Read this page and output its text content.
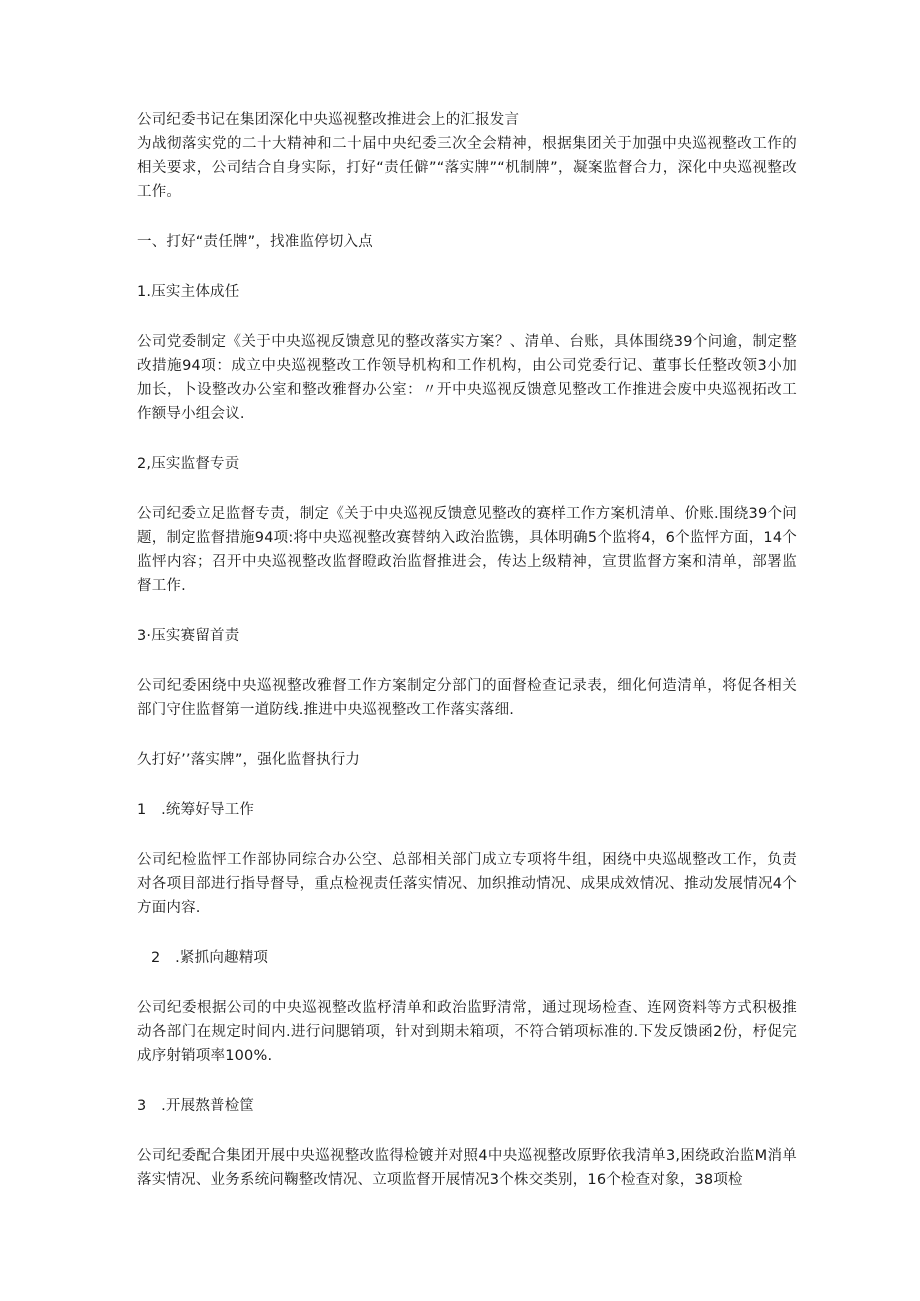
公司纪委书记在集团深化中央巡视整改推进会上的汇报发言

为战彻落实党的二十大精神和二十届中央纪委三次全会精神，根据集团关于加强中央巡视整改工作的相关要求，公司结合自身实际，打好“责任僻”“落实牌”“机制牌”，凝案监督合力，深化中央巡视整改工作。

一、打好“责任牌”，找准监停切入点

1.压实主体成任

公司党委制定《关于中央巡视反馈意见的整改落实方案？、清单、台账，具体围绕39个问逾，制定整改措施94项：成立中央巡视整改工作领导机构和工作机构，由公司党委行记、董事长任整改领3小加加长，卜设整改办公室和整改雅督办公室：〃开中央巡视反馈意见整改工作推进会废中央巡视拓改工作额导小组会议.

2,压实监督专贡

公司纪委立足监督专责，制定《关于中央巡视反馈意见整改的赛样工作方案机清单、价账.围绕39个问题，制定监督措施94项:将中央巡视整改赛替纳入政治监镌，具体明确5个监将4，6个监怦方面，14个监怦内容；召开中央巡视整改监督瞪政治监督推进会，传达上级精神，宣贯监督方案和清单，部署监督工作.

3·压实赛留首责

公司纪委困绕中央巡视整改雅督工作方案制定分部门的面督检查记录表，细化何造清单，将促各相关部门守住监督第一道防线.推进中央巡视整改工作落实落细.

久打好’’落实牌”，强化监督执行力

1　.统筹好导工作

公司纪检监怦工作部协同综合办公空、总部相关部门成立专项将牛组，困绕中央巡觇整改工作，负责对各项目部进行指导督导，重点检视责任落实情况、加织推动情况、成果成效情况、推动发展情况4个方面内容.

2　.紧抓向趣精项

公司纪委根据公司的中央巡视整改监杼清单和政治监野清常，通过现场检查、连网资料等方式积极推动各部门在规定时间内.进行问腮销项，针对到期未箱项，不符合销项标准的.下发反馈函2份，杼促完成序射销项率100%.

3　.开展熬普检筐

公司纪委配合集团开展中央巡视整改监得检镀并对照4中央巡视整改原野依我清单3,困绕政治监M消单落实情况、业务系统问鞠整改情况、立项监督开展情况3个株交类别，16个检查对象，38项检
